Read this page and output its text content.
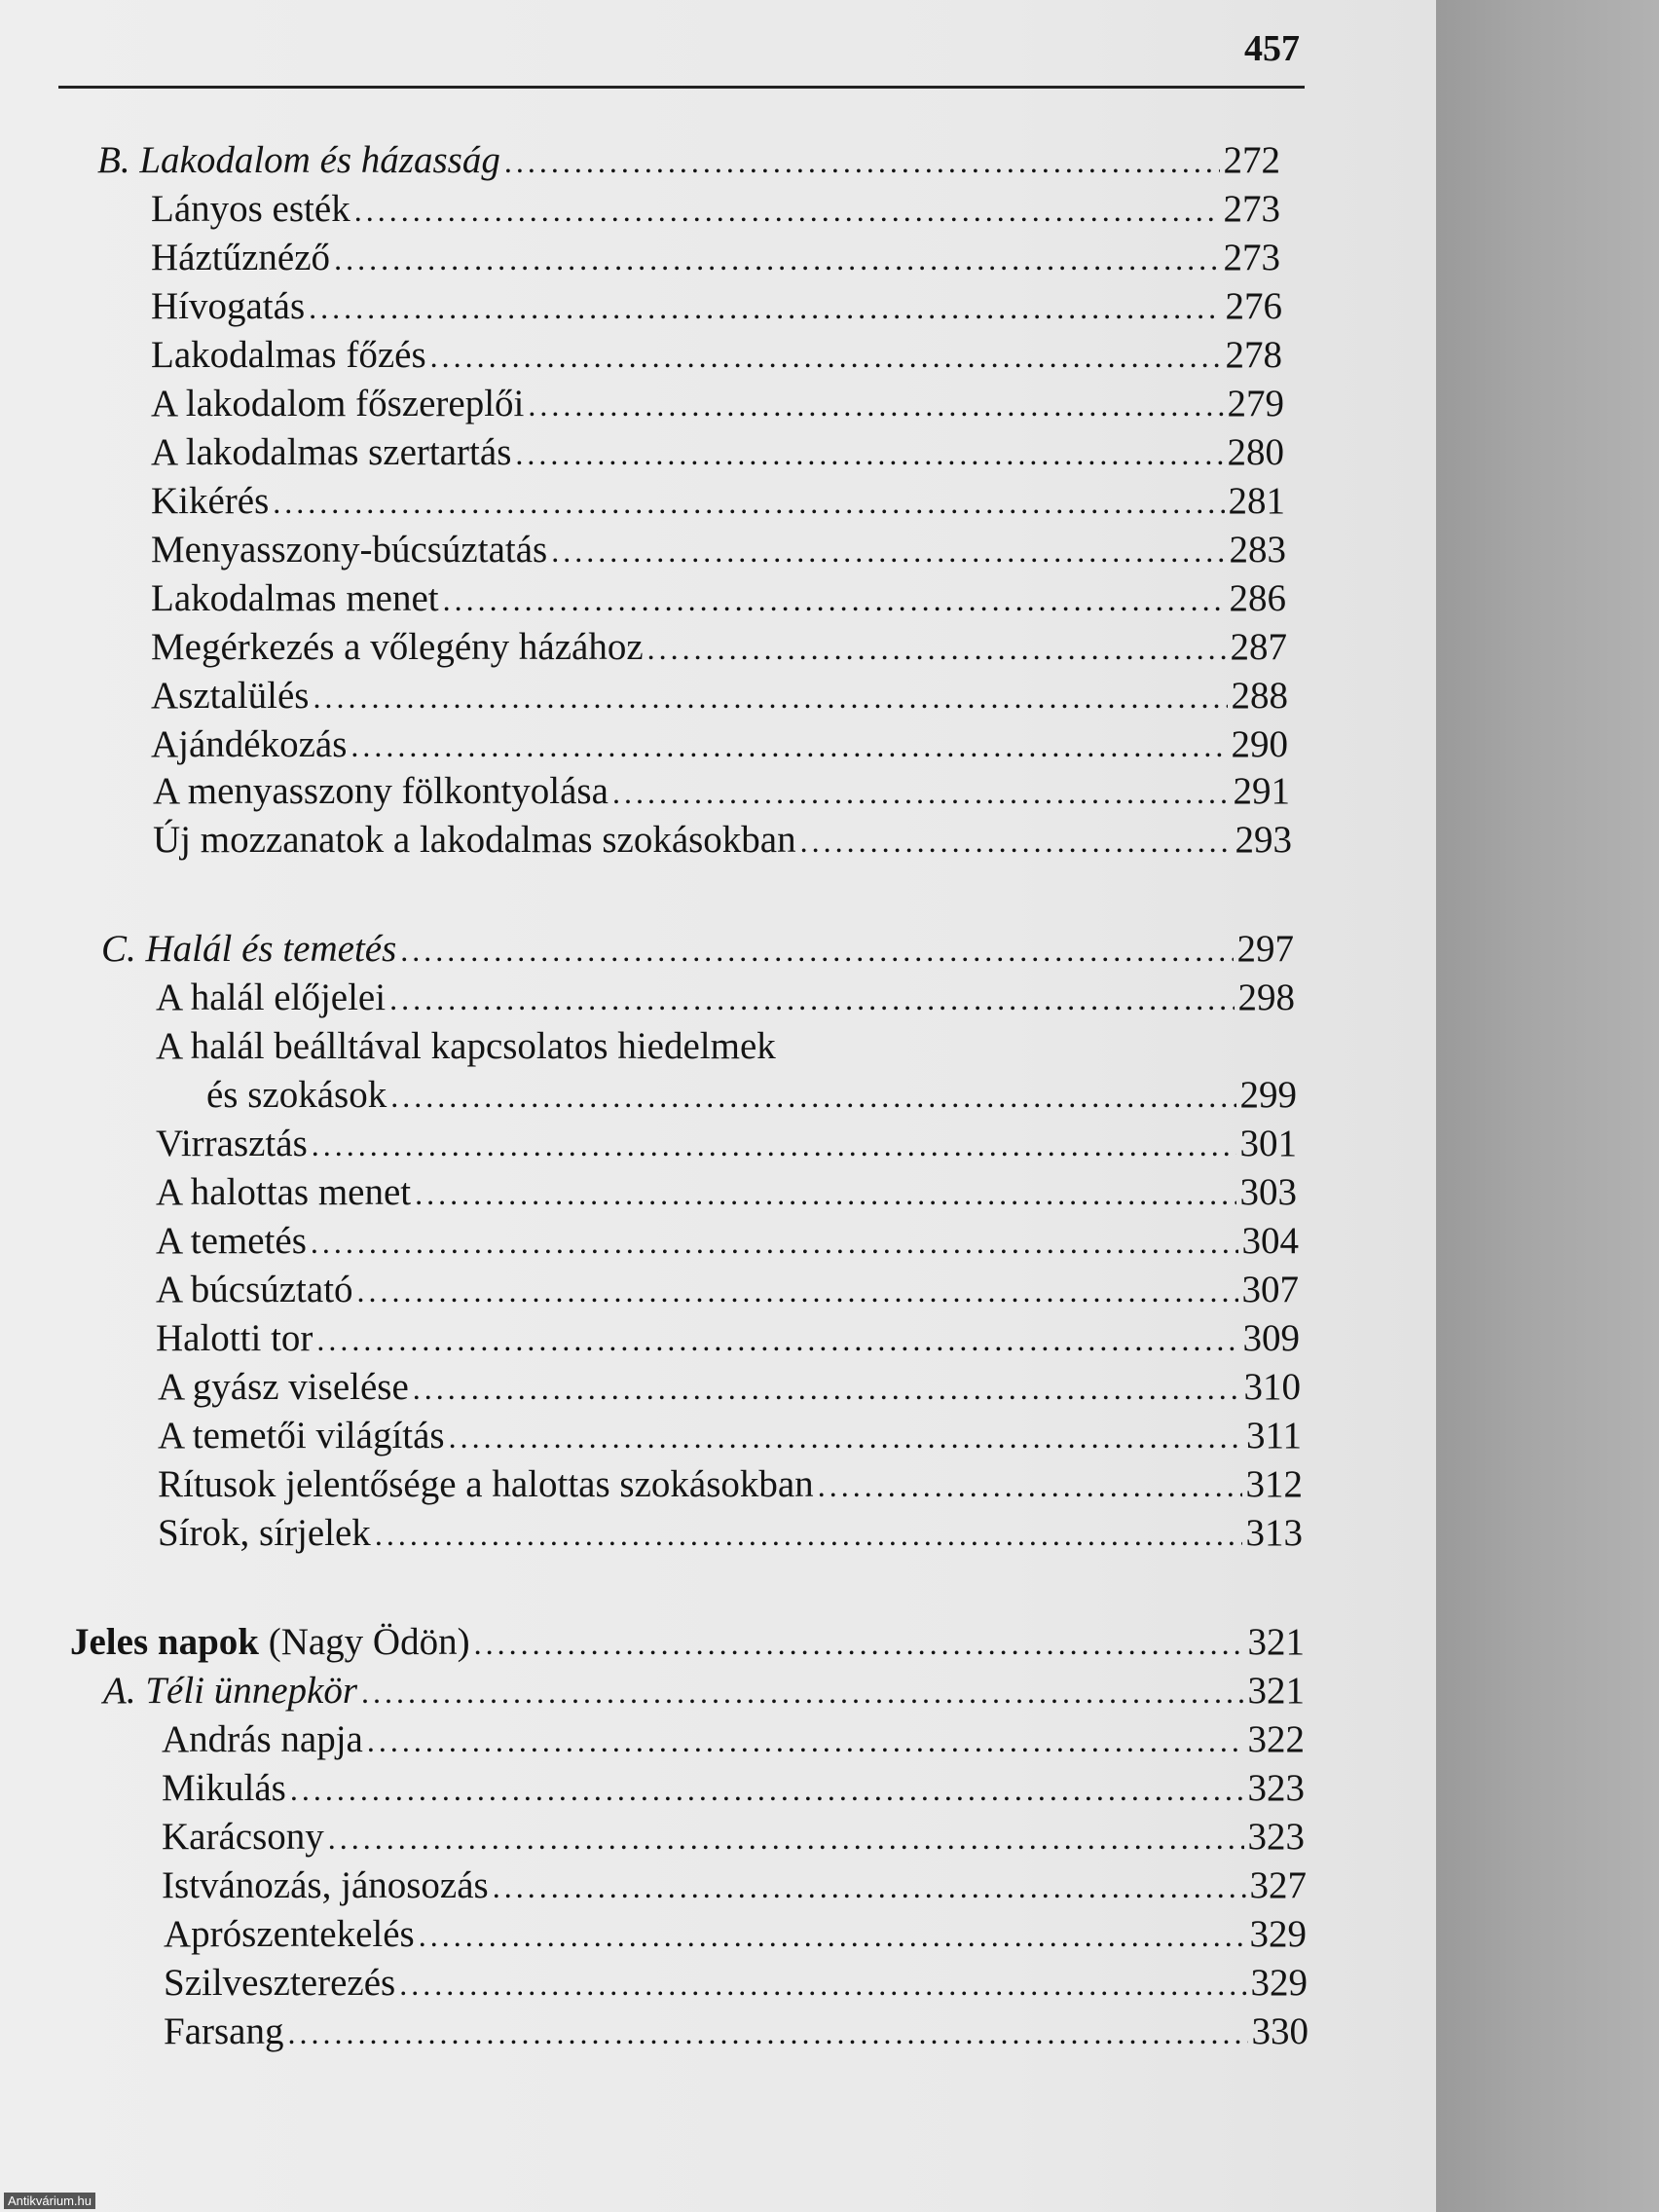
457
B. Lakodalom és házasság .....	272
Lányos esték .....	273
Háztűznéző .....	273
Hívogatás .....	276
Lakodalmas főzés .....	278
A lakodalom főszereplői .....	279
A lakodalmas szertartás .....	280
Kikérés .....	281
Menyasszony-búcsúztatás .....	283
Lakodalmas menet .....	286
Megérkezés a vőlegény házához .....	287
Asztalülés .....	288
Ajándékozás .....	290
A menyasszony fölkontyolása .....	291
Új mozzanatok a lakodalmas szokásokban .....	293
C. Halál és temetés .....	297
A halál előjelei .....	298
A halál beálltával kapcsolatos hiedelmek
és szokások .....	299
Virrasztás .....	301
A halottas menet .....	303
A temetés .....	304
A búcsúztató .....	307
Halotti tor .....	309
A gyász viselése .....	310
A temetői világítás .....	311
Rítusok jelentősége a halottas szokásokban .....	312
Sírok, sírjelek .....	313
Jeles napok (Nagy Ödön) .....	321
A. Téli ünnepkör .....	321
András napja .....	322
Mikulás .....	323
Karácsony .....	323
Istvánozás, jánosozás .....	327
Aprószentekelés .....	329
Szilveszterezés .....	329
Farsang .....	330
Antikvárium.hu
